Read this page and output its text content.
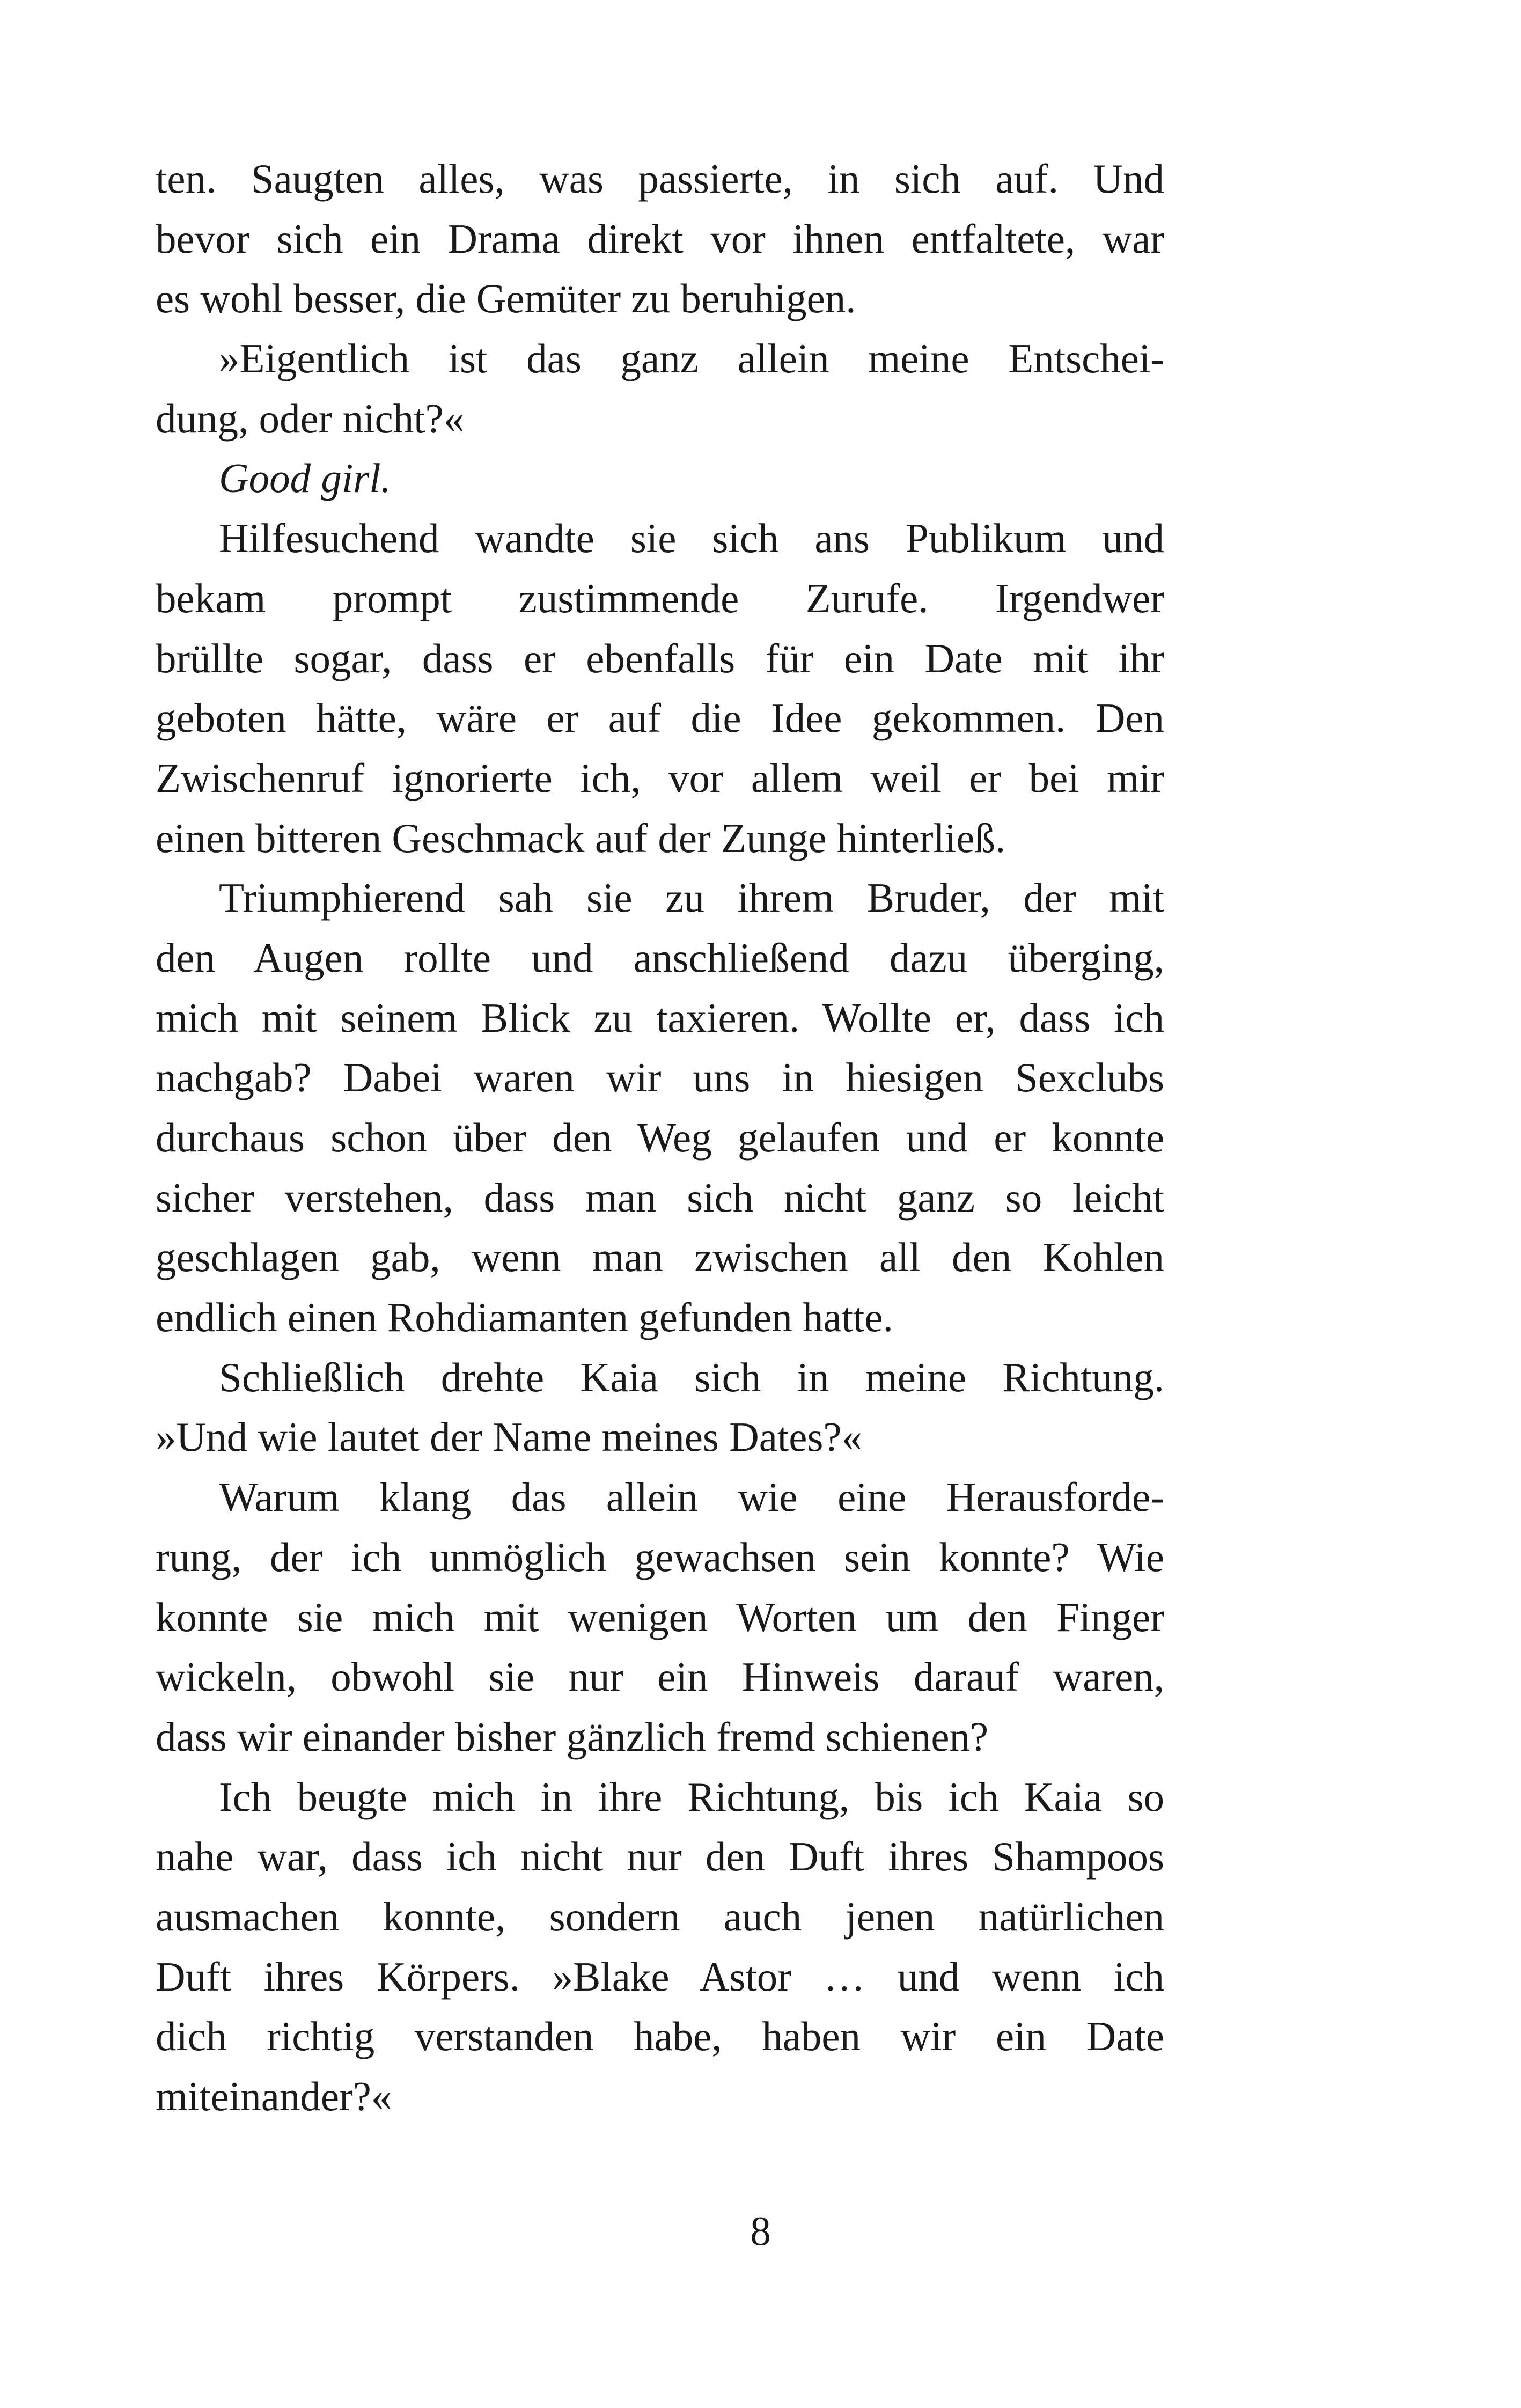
ten. Saugten alles, was passierte, in sich auf. Und
bevor sich ein Drama direkt vor ihnen entfaltete, war
es wohl besser, die Gemüter zu beruhigen.
»Eigentlich ist das ganz allein meine Entschei-
dung, oder nicht?«
Good girl.
Hilfesuchend wandte sie sich ans Publikum und
bekam prompt zustimmende Zurufe. Irgendwer
brüllte sogar, dass er ebenfalls für ein Date mit ihr
geboten hätte, wäre er auf die Idee gekommen. Den
Zwischenruf ignorierte ich, vor allem weil er bei mir
einen bitteren Geschmack auf der Zunge hinterließ.
Triumphierend sah sie zu ihrem Bruder, der mit
den Augen rollte und anschließend dazu überging,
mich mit seinem Blick zu taxieren. Wollte er, dass ich
nachgab? Dabei waren wir uns in hiesigen Sexclubs
durchaus schon über den Weg gelaufen und er konnte
sicher verstehen, dass man sich nicht ganz so leicht
geschlagen gab, wenn man zwischen all den Kohlen
endlich einen Rohdiamanten gefunden hatte.
Schließlich drehte Kaia sich in meine Richtung.
»Und wie lautet der Name meines Dates?«
Warum klang das allein wie eine Herausforde-
rung, der ich unmöglich gewachsen sein konnte? Wie
konnte sie mich mit wenigen Worten um den Finger
wickeln, obwohl sie nur ein Hinweis darauf waren,
dass wir einander bisher gänzlich fremd schienen?
Ich beugte mich in ihre Richtung, bis ich Kaia so
nahe war, dass ich nicht nur den Duft ihres Shampoos
ausmachen konnte, sondern auch jenen natürlichen
Duft ihres Körpers. »Blake Astor … und wenn ich
dich richtig verstanden habe, haben wir ein Date
miteinander?«
8
